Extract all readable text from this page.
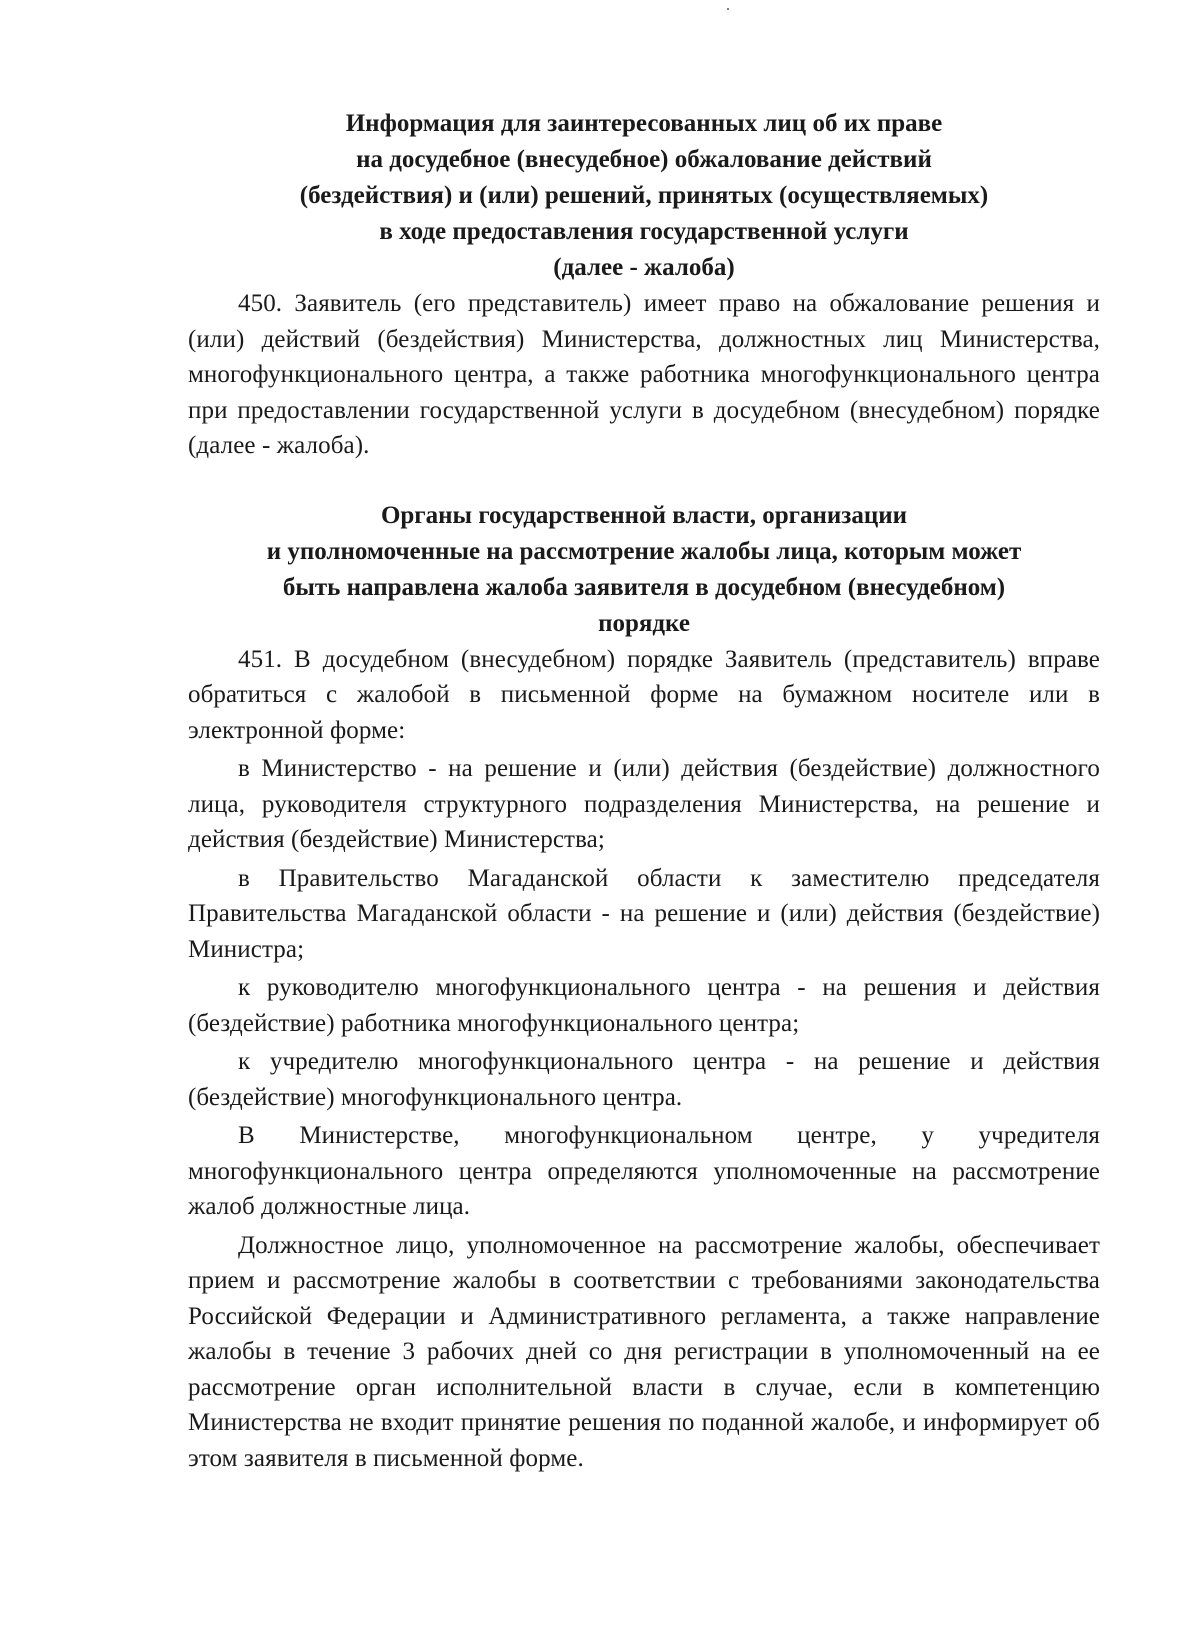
Информация для заинтересованных лиц об их праве
на досудебное (внесудебное) обжалование действий
(бездействия) и (или) решений, принятых (осуществляемых)
в ходе предоставления государственной услуги
(далее - жалоба)

450. Заявитель (его представитель) имеет право на обжалование решения и (или) действий (бездействия) Министерства, должностных лиц Министерства, многофункционального центра, а также работника многофункционального центра при предоставлении государственной услуги в досудебном (внесудебном) порядке (далее - жалоба).

Органы государственной власти, организации
и уполномоченные на рассмотрение жалобы лица, которым может
быть направлена жалоба заявителя в досудебном (внесудебном)
порядке

451. В досудебном (внесудебном) порядке Заявитель (представитель) вправе обратиться с жалобой в письменной форме на бумажном носителе или в электронной форме:

в Министерство - на решение и (или) действия (бездействие) должностного лица, руководителя структурного подразделения Министерства, на решение и действия (бездействие) Министерства;

в Правительство Магаданской области к заместителю председателя Правительства Магаданской области - на решение и (или) действия (бездействие) Министра;

к руководителю многофункционального центра - на решения и действия (бездействие) работника многофункционального центра;

к учредителю многофункционального центра - на решение и действия (бездействие) многофункционального центра.

В Министерстве, многофункциональном центре, у учредителя многофункционального центра определяются уполномоченные на рассмотрение жалоб должностные лица.

Должностное лицо, уполномоченное на рассмотрение жалобы, обеспечивает прием и рассмотрение жалобы в соответствии с требованиями законодательства Российской Федерации и Административного регламента, а также направление жалобы в течение 3 рабочих дней со дня регистрации в уполномоченный на ее рассмотрение орган исполнительной власти в случае, если в компетенцию Министерства не входит принятие решения по поданной жалобе, и информирует об этом заявителя в письменной форме.
